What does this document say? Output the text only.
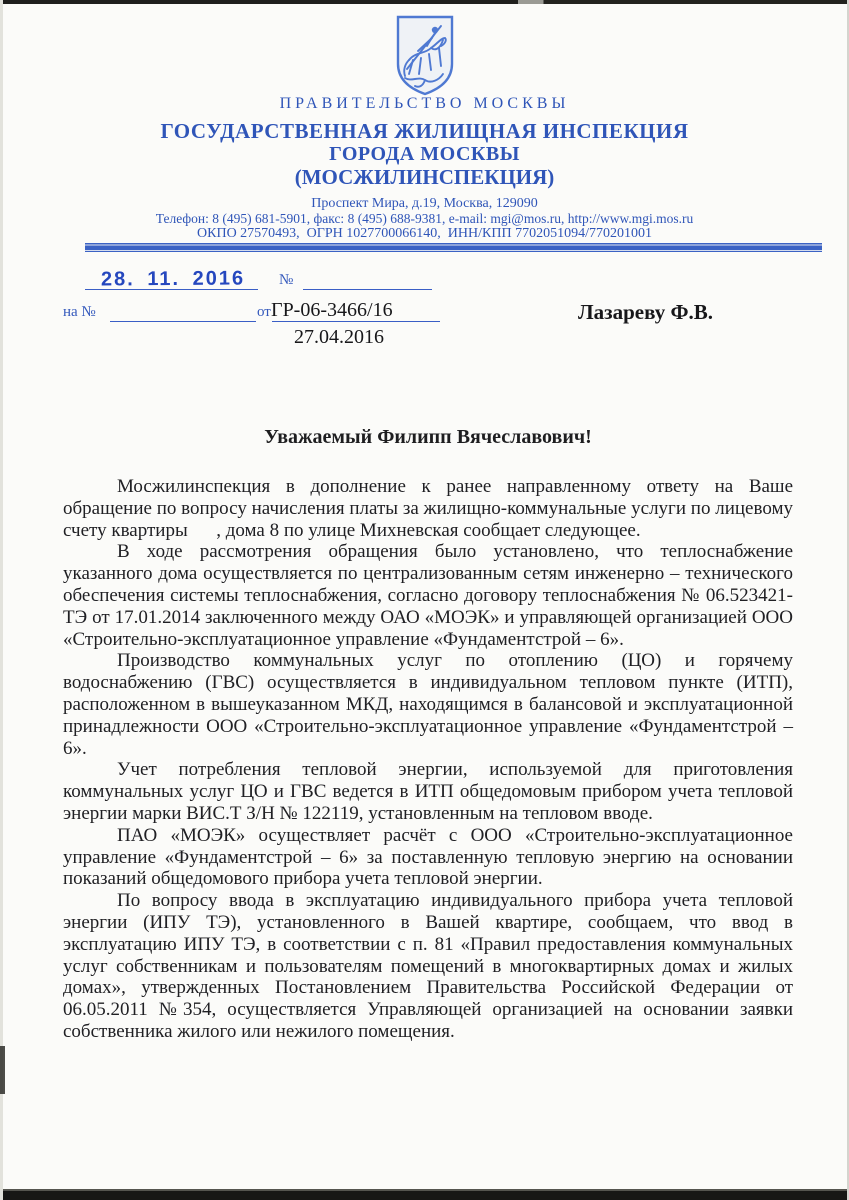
ПРАВИТЕЛЬСТВО МОСКВЫ
ГОСУДАРСТВЕННАЯ ЖИЛИЩНАЯ ИНСПЕКЦИЯ
ГОРОДА МОСКВЫ
(МОСЖИЛИНСПЕКЦИЯ)
Проспект Мира, д.19, Москва, 129090
Телефон: 8 (495) 681-5901, факс: 8 (495) 688-9381, e-mail: mgi@mos.ru, http://www.mgi.mos.ru
ОКПО 27570493,  ОГРН 1027700066140,  ИНН/КПП 7702051094/770201001
28. 11. 2016 №
на №	от ГР-06-3466/16
27.04.2016
Лазареву Ф.В.
Уважаемый Филипп Вячеславович!

Мосжилинспекция в дополнение к ранее направленному ответу на Ваше обращение по вопросу начисления платы за жилищно-коммунальные услуги по лицевому счету квартиры      , дома 8 по улице Михневская сообщает следующее.

В ходе рассмотрения обращения было установлено, что теплоснабжение указанного дома осуществляется по централизованным сетям инженерно – технического обеспечения системы теплоснабжения, согласно договору теплоснабжения № 06.523421-ТЭ от 17.01.2014 заключенного между ОАО «МОЭК» и управляющей организацией ООО «Строительно-эксплуатационное управление «Фундаментстрой – 6».

Производство коммунальных услуг по отоплению (ЦО) и горячему водоснабжению (ГВС) осуществляется в индивидуальном тепловом пункте (ИТП), расположенном в вышеуказанном МКД, находящимся в балансовой и эксплуатационной принадлежности ООО «Строительно-эксплуатационное управление «Фундаментстрой – 6».

Учет потребления тепловой энергии, используемой для приготовления коммунальных услуг ЦО и ГВС ведется в ИТП общедомовым прибором учета тепловой энергии марки ВИС.Т З/Н № 122119, установленным на тепловом вводе.

ПАО «МОЭК» осуществляет расчёт с ООО «Строительно-эксплуатационное управление «Фундаментстрой – 6» за поставленную тепловую энергию на основании показаний общедомового прибора учета тепловой энергии.

По вопросу ввода в эксплуатацию индивидуального прибора учета тепловой энергии (ИПУ ТЭ), установленного в Вашей квартире, сообщаем, что ввод в эксплуатацию ИПУ ТЭ, в соответствии с п. 81 «Правил предоставления коммунальных услуг собственникам и пользователям помещений в многоквартирных домах и жилых домах», утвержденных Постановлением Правительства Российской Федерации от 06.05.2011 №354, осуществляется Управляющей организацией на основании заявки собственника жилого или нежилого помещения.
